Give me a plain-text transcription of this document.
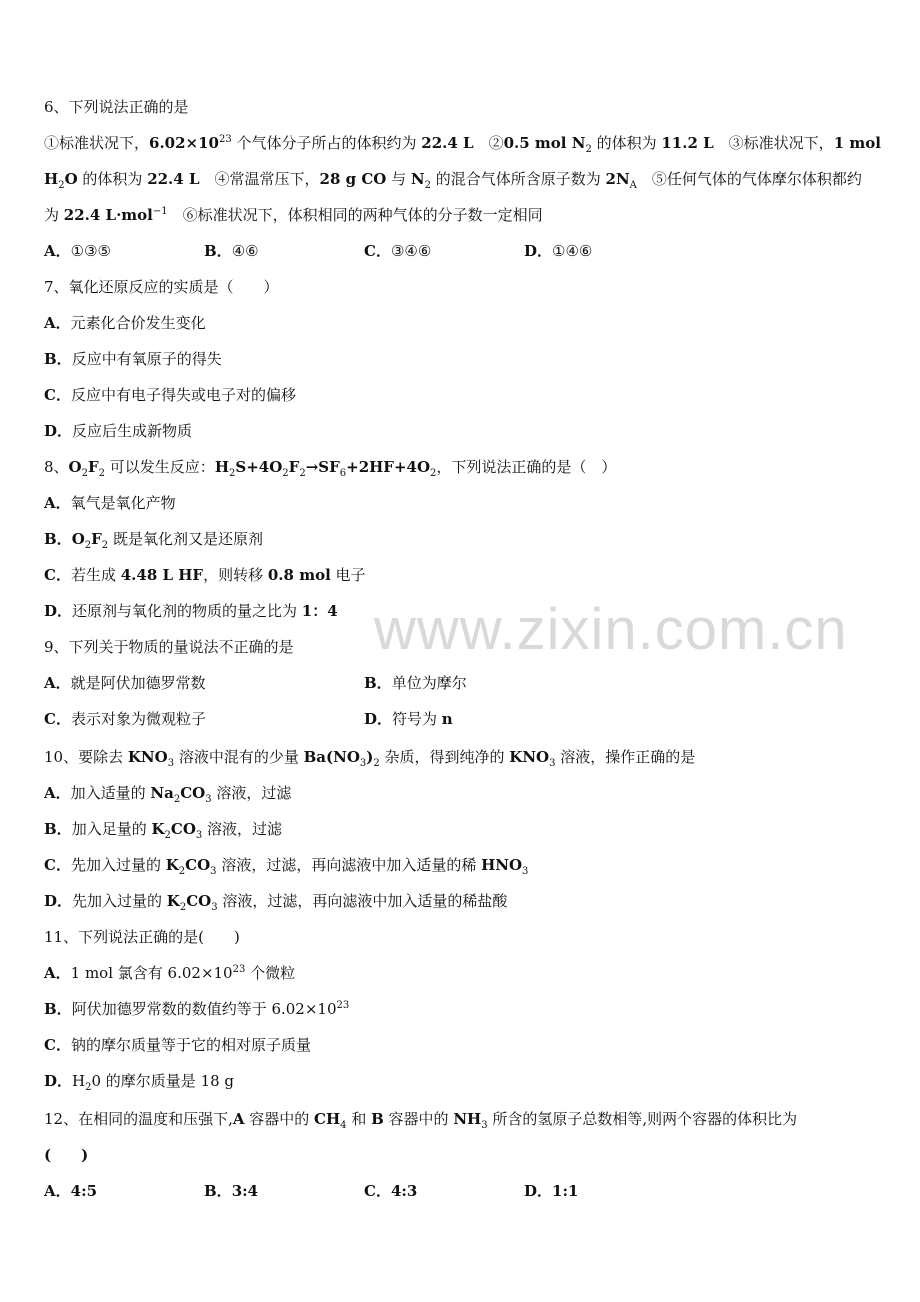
www.zixin.com.cn
6、下列说法正确的是
①标准状况下，$6.02\times 10^{23}$ 个气体分子所占的体积约为 22.4 L　②0.5 mol $N_2$ 的体积为 11.2 L　③标准状况下，1 mol
$H_2O$ 的体积为 22.4 L　④常温常压下，28 g CO 与 $N_2$ 的混合气体所含原子数为 $2N_A$　⑤任何气体的气体摩尔体积都约
为 22.4 L·mol$^{-1}$　⑥标准状况下，体积相同的两种气体的分子数一定相同
A．①③⑤	B．④⑥	C．③④⑥	D．①④⑥
7、氧化还原反应的实质是（　　）
A．元素化合价发生变化
B．反应中有氧原子的得失
C．反应中有电子得失或电子对的偏移
D．反应后生成新物质
8、$O_2F_2$ 可以发生反应：$H_2S+4O_2F_2\to SF_6+2HF+4O_2$，下列说法正确的是（　）
A．氧气是氧化产物
B．$O_2F_2$ 既是氧化剂又是还原剂
C．若生成 4.48 L HF，则转移 0.8 mol 电子
D．还原剂与氧化剂的物质的量之比为 1：4
9、下列关于物质的量说法不正确的是
A．就是阿伏加德罗常数	B．单位为摩尔
C．表示对象为微观粒子	D．符号为 n
10、要除去 $KNO_3$ 溶液中混有的少量 $Ba(NO_3)_2$ 杂质，得到纯净的 $KNO_3$ 溶液，操作正确的是
A．加入适量的 $Na_2CO_3$ 溶液，过滤
B．加入足量的 $K_2CO_3$ 溶液，过滤
C．先加入过量的 $K_2CO_3$ 溶液，过滤，再向滤液中加入适量的稀 $HNO_3$
D．先加入过量的 $K_2CO_3$ 溶液，过滤，再向滤液中加入适量的稀盐酸
11、下列说法正确的是(　　)
A．1 mol 氯含有 $6.02\times 10^{23}$ 个微粒
B．阿伏加德罗常数的数值约等于 $6.02\times 10^{23}$
C．钠的摩尔质量等于它的相对原子质量
D．$H_20$ 的摩尔质量是 18 g
12、在相同的温度和压强下,A 容器中的 $CH_4$ 和 B 容器中的 $NH_3$ 所含的氢原子总数相等,则两个容器的体积比为
(　　)
A．4:5	B．3:4	C．4:3	D．1:1
